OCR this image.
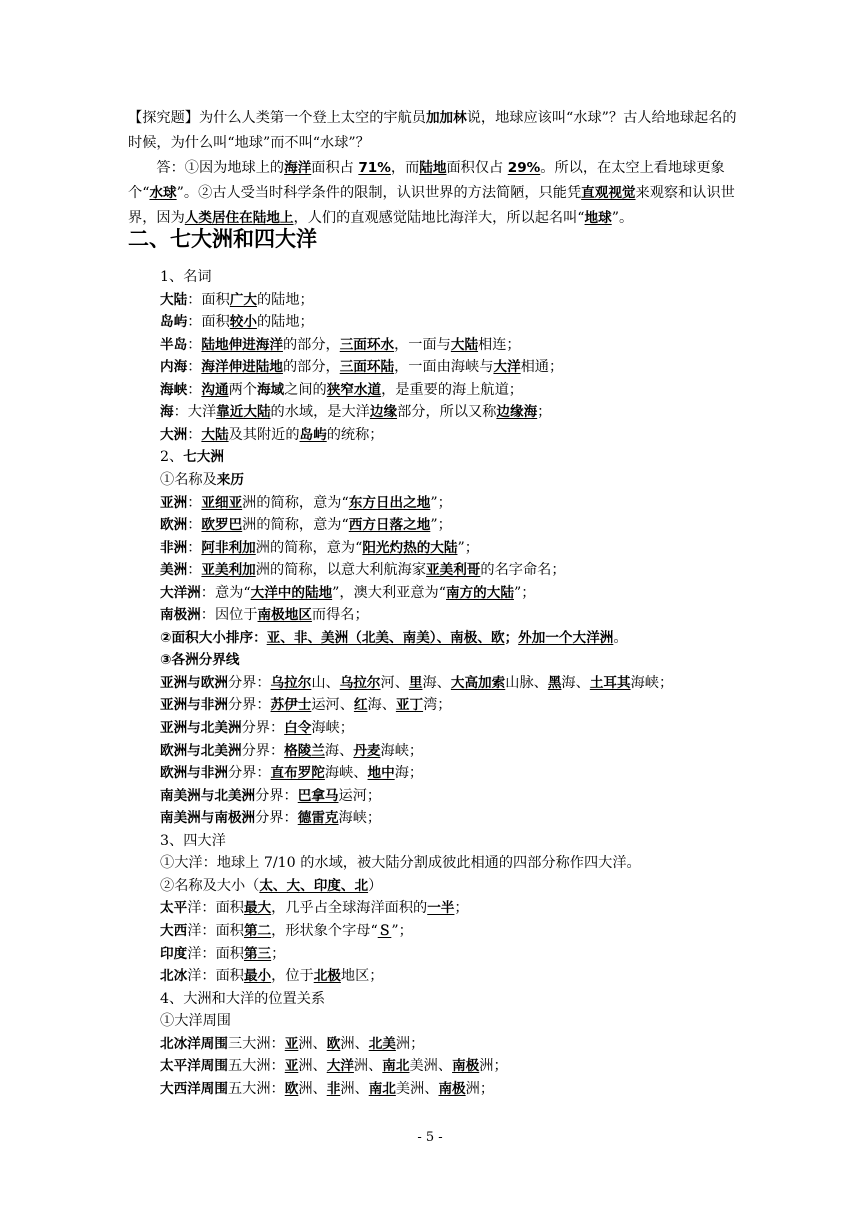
【探究题】为什么人类第一个登上太空的宇航员加加林说，地球应该叫“水球”？古人给地球起名的时候，为什么叫“地球”而不叫“水球”？
　　答：①因为地球上的海洋面积占 71%，而陆地面积仅占 29%。所以，在太空上看地球更象个“水球”。②古人受当时科学条件的限制，认识世界的方法简陋，只能凭直观视觉来观察和认识世界，因为人类居住在陆地上，人们的直观感觉陆地比海洋大，所以起名叫“地球”。
二、七大洲和四大洋
1、名词
大陆：面积广大的陆地；
岛屿：面积较小的陆地；
半岛：陆地伸进海洋的部分，三面环水，一面与大陆相连；
内海：海洋伸进陆地的部分，三面环陆，一面由海峡与大洋相通；
海峡：沟通两个海域之间的狭窄水道，是重要的海上航道；
海：大洋靠近大陆的水域，是大洋边缘部分，所以又称边缘海；
大洲：大陆及其附近的岛屿的统称；
2、七大洲
①名称及来历
亚洲：亚细亚洲的简称，意为“东方日出之地”；
欧洲：欧罗巴洲的简称，意为“西方日落之地”；
非洲：阿非利加洲的简称，意为“阳光灼热的大陆”；
美洲：亚美利加洲的简称，以意大利航海家亚美利哥的名字命名；
大洋洲：意为“大洋中的陆地”，澳大利亚意为“南方的大陆”；
南极洲：因位于南极地区而得名；
②面积大小排序：亚、非、美洲（北美、南美）、南极、欧；外加一个大洋洲。
③各洲分界线
亚洲与欧洲分界：乌拉尔山、乌拉尔河、里海、大高加索山脉、黑海、土耳其海峡；
亚洲与非洲分界：苏伊士运河、红海、亚丁湾；
亚洲与北美洲分界：白令海峡；
欧洲与北美洲分界：格陵兰海、丹麦海峡；
欧洲与非洲分界：直布罗陀海峡、地中海；
南美洲与北美洲分界：巴拿马运河；
南美洲与南极洲分界：德雷克海峡；
3、四大洋
①大洋：地球上 7/10 的水域，被大陆分割成彼此相通的四部分称作四大洋。
②名称及大小（太、大、印度、北）
太平洋：面积最大，几乎占全球海洋面积的一半；
大西洋：面积第二，形状象个字母“Ｓ”；
印度洋：面积第三；
北冰洋：面积最小，位于北极地区；
4、大洲和大洋的位置关系
①大洋周围
北冰洋周围三大洲：亚洲、欧洲、北美洲；
太平洋周围五大洲：亚洲、大洋洲、南北美洲、南极洲；
大西洋周围五大洲：欧洲、非洲、南北美洲、南极洲；
- 5 -
